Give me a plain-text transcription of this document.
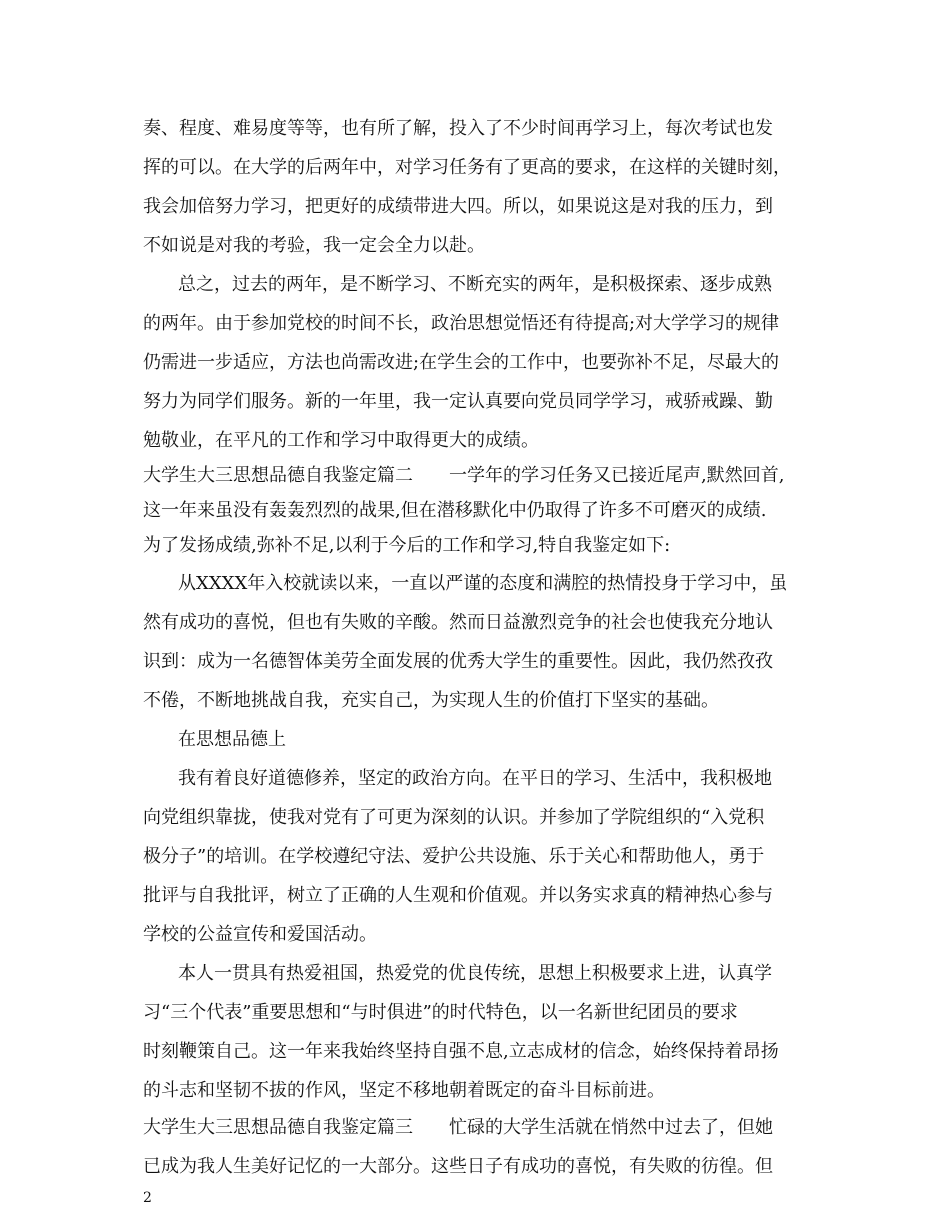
奏、程度、难易度等等，也有所了解，投入了不少时间再学习上，每次考试也发
挥的可以。在大学的后两年中，对学习任务有了更高的要求，在这样的关键时刻，
我会加倍努力学习，把更好的成绩带进大四。所以，如果说这是对我的压力，到
不如说是对我的考验，我一定会全力以赴。
总之，过去的两年，是不断学习、不断充实的两年，是积极探索、逐步成熟
的两年。由于参加党校的时间不长，政治思想觉悟还有待提高;对大学学习的规律
仍需进一步适应，方法也尚需改进;在学生会的工作中，也要弥补不足，尽最大的
努力为同学们服务。新的一年里，我一定认真要向党员同学学习，戒骄戒躁、勤
勉敬业，在平凡的工作和学习中取得更大的成绩。
大学生大三思想品德自我鉴定篇二　　一学年的学习任务又已接近尾声,默然回首,
这一年来虽没有轰轰烈烈的战果,但在潜移默化中仍取得了许多不可磨灭的成绩.
为了发扬成绩,弥补不足,以利于今后的工作和学习,特自我鉴定如下:
从XXXX年入校就读以来，一直以严谨的态度和满腔的热情投身于学习中，虽
然有成功的喜悦，但也有失败的辛酸。然而日益激烈竞争的社会也使我充分地认
识到：成为一名德智体美劳全面发展的优秀大学生的重要性。因此，我仍然孜孜
不倦，不断地挑战自我，充实自己，为实现人生的价值打下坚实的基础。
在思想品德上
我有着良好道德修养，坚定的政治方向。在平日的学习、生活中，我积极地
向党组织靠拢，使我对党有了可更为深刻的认识。并参加了学院组织的“入党积
极分子”的培训。在学校遵纪守法、爱护公共设施、乐于关心和帮助他人，勇于
批评与自我批评，树立了正确的人生观和价值观。并以务实求真的精神热心参与
学校的公益宣传和爱国活动。
本人一贯具有热爱祖国，热爱党的优良传统，思想上积极要求上进，认真学
习“三个代表”重要思想和“与时俱进”的时代特色，以一名新世纪团员的要求
时刻鞭策自己。这一年来我始终坚持自强不息,立志成材的信念，始终保持着昂扬
的斗志和坚韧不拔的作风，坚定不移地朝着既定的奋斗目标前进。
大学生大三思想品德自我鉴定篇三　　忙碌的大学生活就在悄然中过去了，但她
已成为我人生美好记忆的一大部分。这些日子有成功的喜悦，有失败的彷徨。但
2
